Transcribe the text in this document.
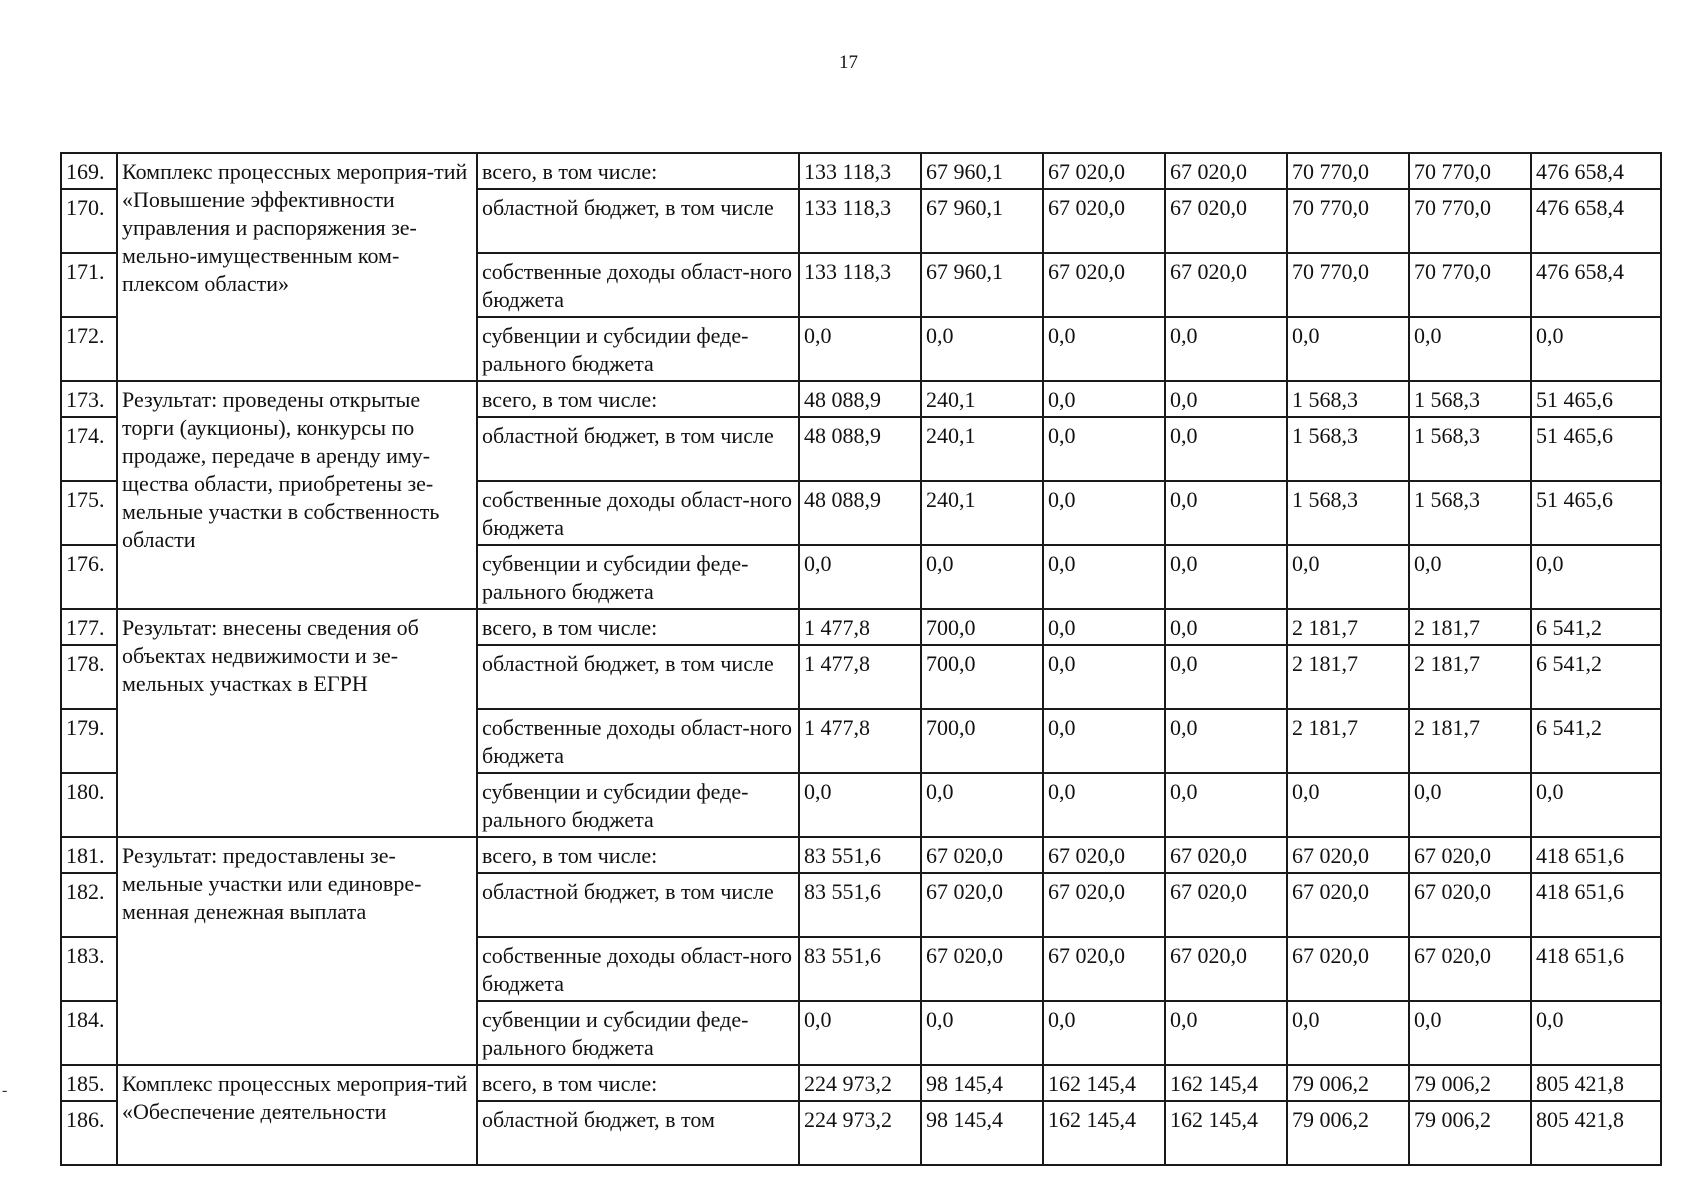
17
-
169.	Комплекс процессных мероприя-тий «Повышение эффективности управления и распоряжения зе-мельно-имущественным ком-плексом области»	всего, в том числе:	133 118,3	67 960,1	67 020,0	67 020,0	70 770,0	70 770,0	476 658,4
170.		областной бюджет, в том числе	133 118,3	67 960,1	67 020,0	67 020,0	70 770,0	70 770,0	476 658,4
171.		собственные доходы област-ного бюджета	133 118,3	67 960,1	67 020,0	67 020,0	70 770,0	70 770,0	476 658,4
172.		субвенции и субсидии феде-рального бюджета	0,0	0,0	0,0	0,0	0,0	0,0	0,0
173.	Результат: проведены открытые торги (аукционы), конкурсы по продаже, передаче в аренду иму-щества области, приобретены зе-мельные участки в собственность области	всего, в том числе:	48 088,9	240,1	0,0	0,0	1 568,3	1 568,3	51 465,6
174.		областной бюджет, в том числе	48 088,9	240,1	0,0	0,0	1 568,3	1 568,3	51 465,6
175.		собственные доходы област-ного бюджета	48 088,9	240,1	0,0	0,0	1 568,3	1 568,3	51 465,6
176.		субвенции и субсидии феде-рального бюджета	0,0	0,0	0,0	0,0	0,0	0,0	0,0
177.	Результат: внесены сведения об объектах недвижимости и зе-мельных участках в ЕГРН	всего, в том числе:	1 477,8	700,0	0,0	0,0	2 181,7	2 181,7	6 541,2
178.		областной бюджет, в том числе	1 477,8	700,0	0,0	0,0	2 181,7	2 181,7	6 541,2
179.		собственные доходы област-ного бюджета	1 477,8	700,0	0,0	0,0	2 181,7	2 181,7	6 541,2
180.		субвенции и субсидии феде-рального бюджета	0,0	0,0	0,0	0,0	0,0	0,0	0,0
181.	Результат: предоставлены зе-мельные участки или единовре-менная денежная выплата	всего, в том числе:	83 551,6	67 020,0	67 020,0	67 020,0	67 020,0	67 020,0	418 651,6
182.		областной бюджет, в том числе	83 551,6	67 020,0	67 020,0	67 020,0	67 020,0	67 020,0	418 651,6
183.		собственные доходы област-ного бюджета	83 551,6	67 020,0	67 020,0	67 020,0	67 020,0	67 020,0	418 651,6
184.		субвенции и субсидии феде-рального бюджета	0,0	0,0	0,0	0,0	0,0	0,0	0,0
185.	Комплекс процессных мероприя-тий «Обеспечение деятельности	всего, в том числе:	224 973,2	98 145,4	162 145,4	162 145,4	79 006,2	79 006,2	805 421,8
186.		областной бюджет, в том	224 973,2	98 145,4	162 145,4	162 145,4	79 006,2	79 006,2	805 421,8
